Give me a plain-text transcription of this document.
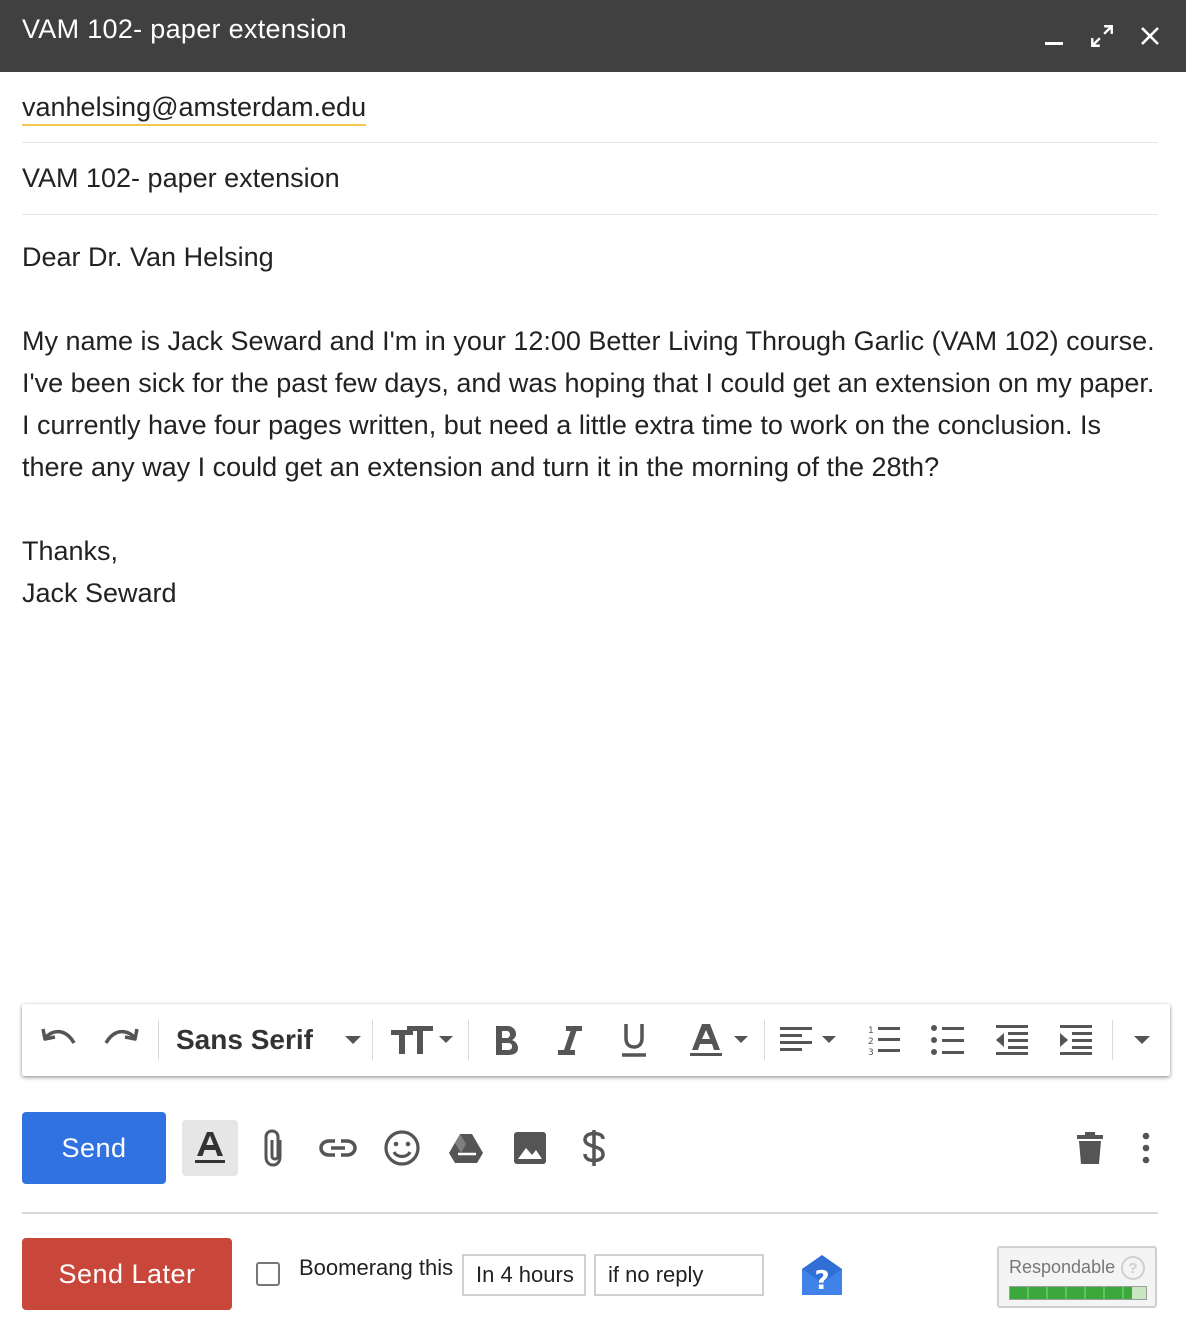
VAM 102- paper extension
vanhelsing@amsterdam.edu
VAM 102- paper extension

Dear Dr. Van Helsing

My name is Jack Seward and I'm in your 12:00 Better Living Through Garlic (VAM 102) course. I've been sick for the past few days, and was hoping that I could get an extension on my paper. I currently have four pages written, but need a little extra time to work on the conclusion. Is there any way I could get an extension and turn it in the morning of the 28th?

Thanks,

Jack Seward

Sans Serif	1
2
3
Send
Send Later	Boomerang this	In 4 hours	if no reply	?	Respondable ?
